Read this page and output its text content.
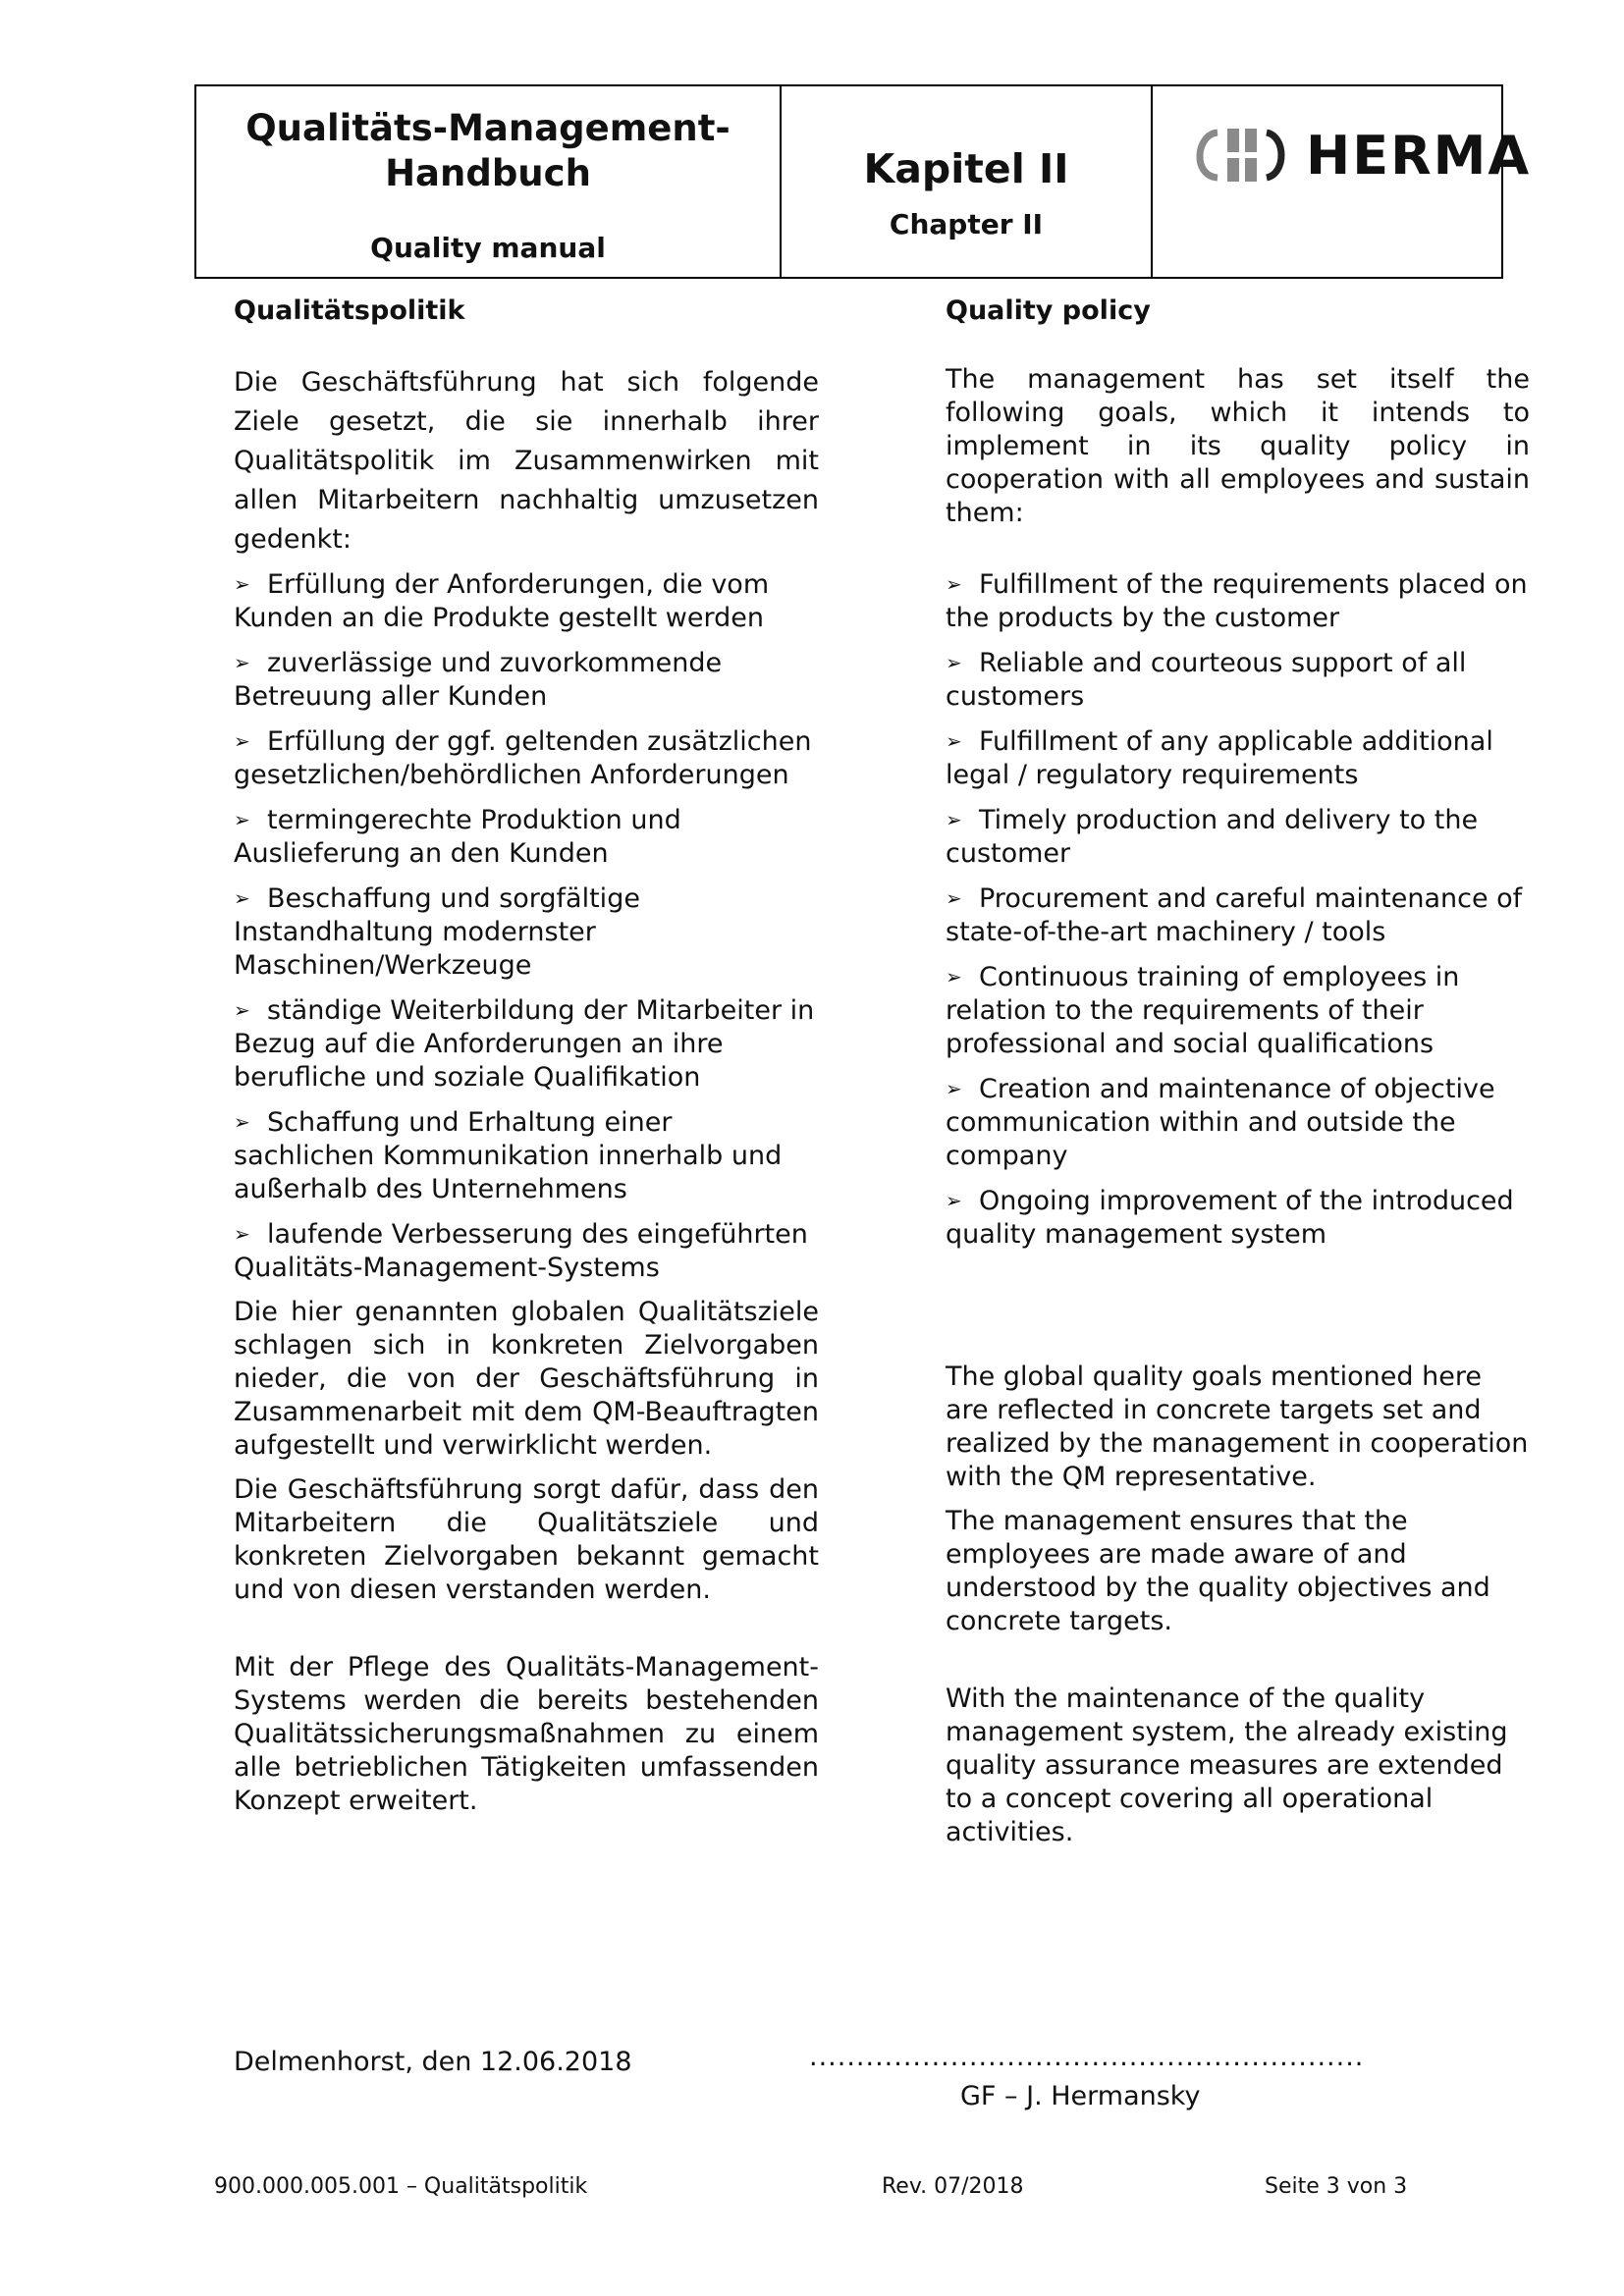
Qualitäts-Management-
Handbuch
Quality manual
Kapitel II
Chapter II
HERMA
Qualitätspolitik

Die Geschäftsführung hat sich folgende Ziele gesetzt, die sie innerhalb ihrer Qualitätspolitik im Zusammenwirken mit allen Mitarbeitern nachhaltig umzusetzen gedenkt:

➢ Erfüllung der Anforderungen, die vom Kunden an die Produkte gestellt werden
➢ zuverlässige und zuvorkommende Betreuung aller Kunden
➢ Erfüllung der ggf. geltenden zusätzlichen gesetzlichen/behördlichen Anforderungen
➢ termingerechte Produktion und Auslieferung an den Kunden
➢ Beschaffung und sorgfältige Instandhaltung modernster Maschinen/Werkzeuge
➢ ständige Weiterbildung der Mitarbeiter in Bezug auf die Anforderungen an ihre berufliche und soziale Qualifikation
➢ Schaffung und Erhaltung einer sachlichen Kommunikation innerhalb und außerhalb des Unternehmens
➢ laufende Verbesserung des eingeführten Qualitäts-Management-Systems

Die hier genannten globalen Qualitätsziele schlagen sich in konkreten Zielvorgaben nieder, die von der Geschäftsführung in Zusammenarbeit mit dem QM-Beauftragten aufgestellt und verwirklicht werden.

Die Geschäftsführung sorgt dafür, dass den Mitarbeitern die Qualitätsziele und konkreten Zielvorgaben bekannt gemacht und von diesen verstanden werden.

Mit der Pflege des Qualitäts-Management-Systems werden die bereits bestehenden Qualitätssicherungsmaßnahmen zu einem alle betrieblichen Tätigkeiten umfassenden Konzept erweitert.

Quality policy

The management has set itself the following goals, which it intends to implement in its quality policy in cooperation with all employees and sustain them:

➢ Fulfillment of the requirements placed on the products by the customer
➢ Reliable and courteous support of all customers
➢ Fulfillment of any applicable additional legal / regulatory requirements
➢ Timely production and delivery to the customer
➢ Procurement and careful maintenance of state-of-the-art machinery / tools
➢ Continuous training of employees in relation to the requirements of their professional and social qualifications
➢ Creation and maintenance of objective communication within and outside the company
➢ Ongoing improvement of the introduced quality management system

The global quality goals mentioned here are reflected in concrete targets set and realized by the management in cooperation with the QM representative.

The management ensures that the employees are made aware of and understood by the quality objectives and concrete targets.

With the maintenance of the quality management system, the already existing quality assurance measures are extended to a concept covering all operational activities.

Delmenhorst, den 12.06.2018	...........................................................
GF – J. Hermansky
900.000.005.001 – Qualitätspolitik	Rev. 07/2018	Seite 3 von 3
